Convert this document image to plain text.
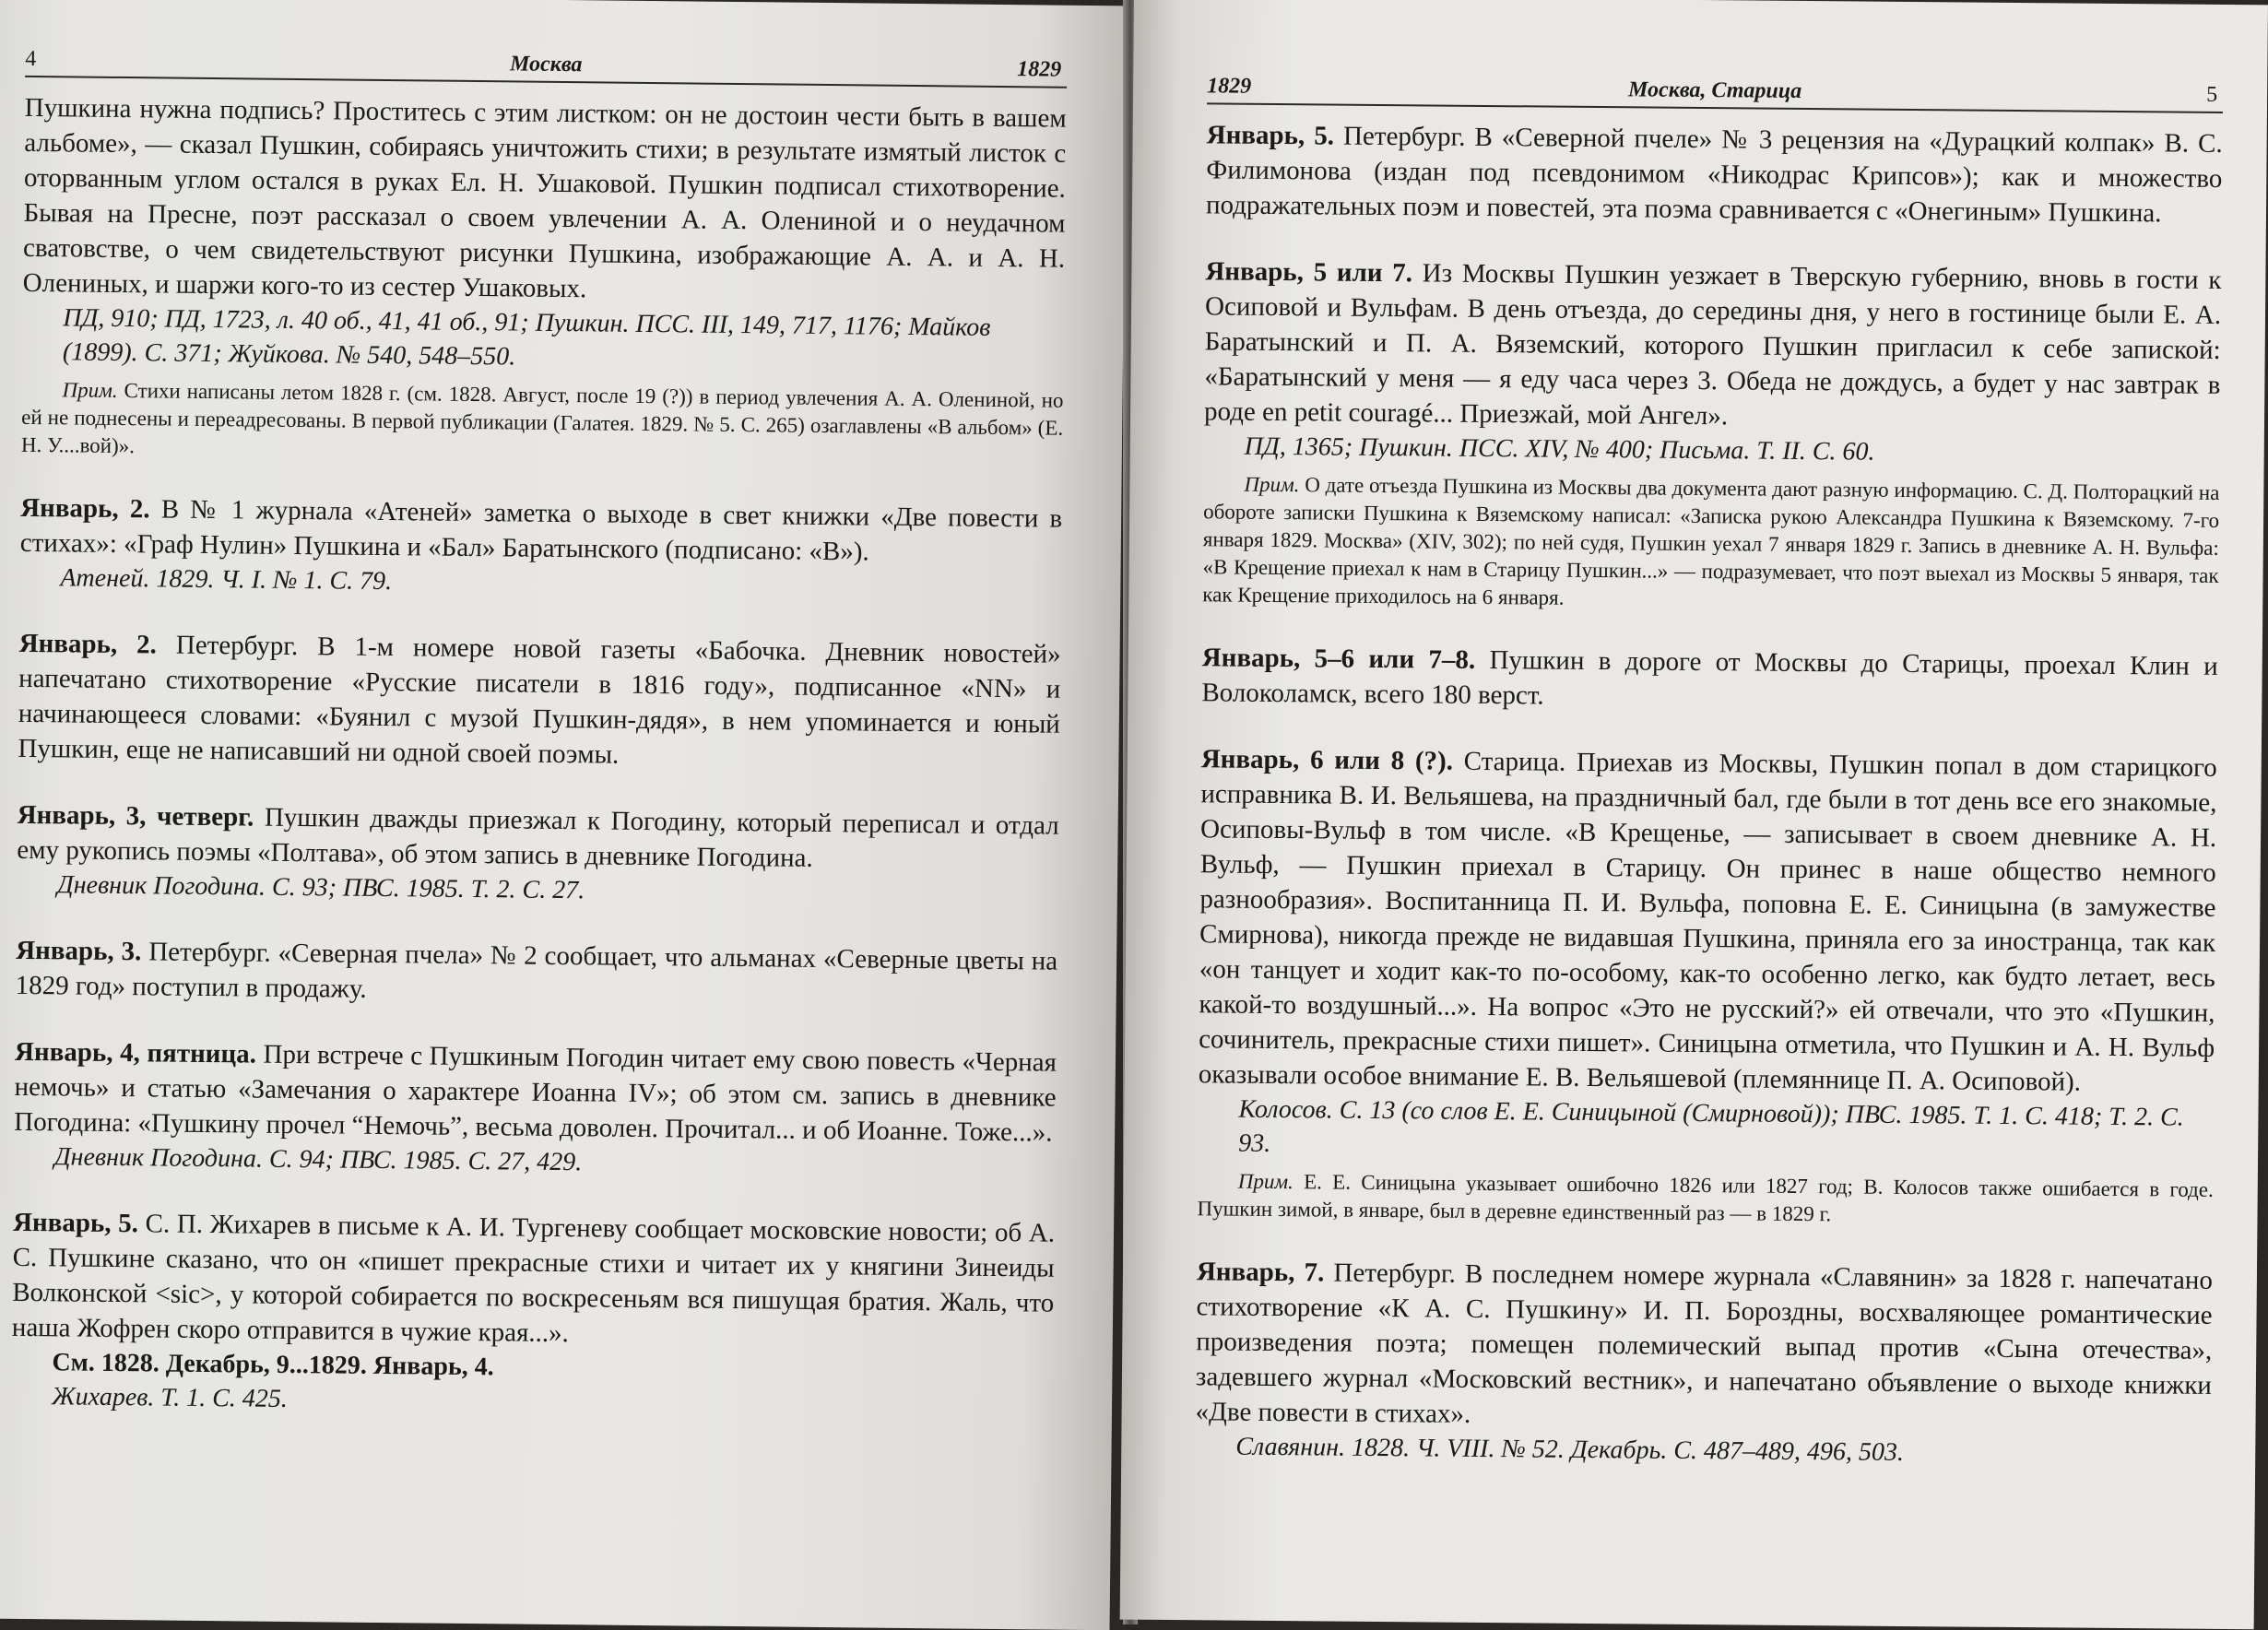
4	Москва	1829

Пушкина нужна подпись? Проститесь с этим листком: он не достоин чести быть в вашем альбоме», — сказал Пушкин, собираясь уничтожить стихи; в результате измятый листок с оторванным углом остался в руках Ел. Н. Ушаковой. Пушкин подписал стихотворение. Бывая на Пресне, поэт рассказал о своем увлечении А. А. Олениной и о неудачном сватовстве, о чем свидетельствуют рисунки Пушкина, изображающие А. А. и А. Н. Олениных, и шаржи кого-то из сестер Ушаковых.

ПД, 910; ПД, 1723, л. 40 об., 41, 41 об., 91; Пушкин. ПСС. III, 149, 717, 1176; Майков (1899). С. 371; Жуйкова. № 540, 548–550.

Прим. Стихи написаны летом 1828 г. (см. 1828. Август, после 19 (?)) в период увлечения А. А. Олениной, но ей не поднесены и переадресованы. В первой публикации (Галатея. 1829. № 5. С. 265) озаглавлены «В альбом» (Е. Н. У....вой)».

Январь, 2. В № 1 журнала «Атеней» заметка о выходе в свет книжки «Две повести в стихах»: «Граф Нулин» Пушкина и «Бал» Баратынского (подписано: «В»).

Атеней. 1829. Ч. I. № 1. С. 79.

Январь, 2. Петербург. В 1-м номере новой газеты «Бабочка. Дневник новостей» напечатано стихотворение «Русские писатели в 1816 году», подписанное «NN» и начинающееся словами: «Буянил с музой Пушкин-дядя», в нем упоминается и юный Пушкин, еще не написавший ни одной своей поэмы.

Январь, 3, четверг. Пушкин дважды приезжал к Погодину, который переписал и отдал ему рукопись поэмы «Полтава», об этом запись в дневнике Погодина.

Дневник Погодина. С. 93; ПВС. 1985. Т. 2. С. 27.

Январь, 3. Петербург. «Северная пчела» № 2 сообщает, что альманах «Северные цветы на 1829 год» поступил в продажу.

Январь, 4, пятница. При встрече с Пушкиным Погодин читает ему свою повесть «Черная немочь» и статью «Замечания о характере Иоанна IV»; об этом см. запись в дневнике Погодина: «Пушкину прочел “Немочь”, весьма доволен. Прочитал... и об Иоанне. Тоже...».

Дневник Погодина. С. 94; ПВС. 1985. С. 27, 429.

Январь, 5. С. П. Жихарев в письме к А. И. Тургеневу сообщает московские новости; об А. С. Пушкине сказано, что он «пишет прекрасные стихи и читает их у княгини Зинеиды Волконской <sic>, у которой собирается по воскресеньям вся пишущая братия. Жаль, что наша Жофрен скоро отправится в чужие края...».

См. 1828. Декабрь, 9...1829. Январь, 4.

Жихарев. Т. 1. С. 425.

1829	Москва, Старица	5

Январь, 5. Петербург. В «Северной пчеле» № 3 рецензия на «Дурацкий колпак» В. С. Филимонова (издан под псевдонимом «Никодрас Крипсов»); как и множество подражательных поэм и повестей, эта поэма сравнивается с «Онегиным» Пушкина.

Январь, 5 или 7. Из Москвы Пушкин уезжает в Тверскую губернию, вновь в гости к Осиповой и Вульфам. В день отъезда, до середины дня, у него в гостинице были Е. А. Баратынский и П. А. Вяземский, которого Пушкин пригласил к себе запиской: «Баратынский у меня — я еду часа через 3. Обеда не дождусь, а будет у нас завтрак в роде en petit couragé... Приезжай, мой Ангел».

ПД, 1365; Пушкин. ПСС. XIV, № 400; Письма. Т. II. С. 60.

Прим. О дате отъезда Пушкина из Москвы два документа дают разную информацию. С. Д. Полторацкий на обороте записки Пушкина к Вяземскому написал: «Записка рукою Александра Пушкина к Вяземскому. 7-го января 1829. Москва» (XIV, 302); по ней судя, Пушкин уехал 7 января 1829 г. Запись в дневнике А. Н. Вульфа: «В Крещение приехал к нам в Старицу Пушкин...» — подразумевает, что поэт выехал из Москвы 5 января, так как Крещение приходилось на 6 января.

Январь, 5–6 или 7–8. Пушкин в дороге от Москвы до Старицы, проехал Клин и Волоколамск, всего 180 верст.

Январь, 6 или 8 (?). Старица. Приехав из Москвы, Пушкин попал в дом старицкого исправника В. И. Вельяшева, на праздничный бал, где были в тот день все его знакомые, Осиповы-Вульф в том числе. «В Крещенье, — записывает в своем дневнике А. Н. Вульф, — Пушкин приехал в Старицу. Он принес в наше общество немного разнообразия». Воспитанница П. И. Вульфа, поповна Е. Е. Синицына (в замужестве Смирнова), никогда прежде не видавшая Пушкина, приняла его за иностранца, так как «он танцует и ходит как-то по-особому, как-то особенно легко, как будто летает, весь какой-то воздушный...». На вопрос «Это не русский?» ей отвечали, что это «Пушкин, сочинитель, прекрасные стихи пишет». Синицына отметила, что Пушкин и А. Н. Вульф оказывали особое внимание Е. В. Вельяшевой (племяннице П. А. Осиповой).

Колосов. С. 13 (со слов Е. Е. Синицыной (Смирновой)); ПВС. 1985. Т. 1. С. 418; Т. 2. С. 93.

Прим. Е. Е. Синицына указывает ошибочно 1826 или 1827 год; В. Колосов также ошибается в годе. Пушкин зимой, в январе, был в деревне единственный раз — в 1829 г.

Январь, 7. Петербург. В последнем номере журнала «Славянин» за 1828 г. напечатано стихотворение «К А. С. Пушкину» И. П. Бороздны, восхваляющее романтические произведения поэта; помещен полемический выпад против «Сына отечества», задевшего журнал «Московский вестник», и напечатано объявление о выходе книжки «Две повести в стихах».

Славянин. 1828. Ч. VIII. № 52. Декабрь. С. 487–489, 496, 503.
